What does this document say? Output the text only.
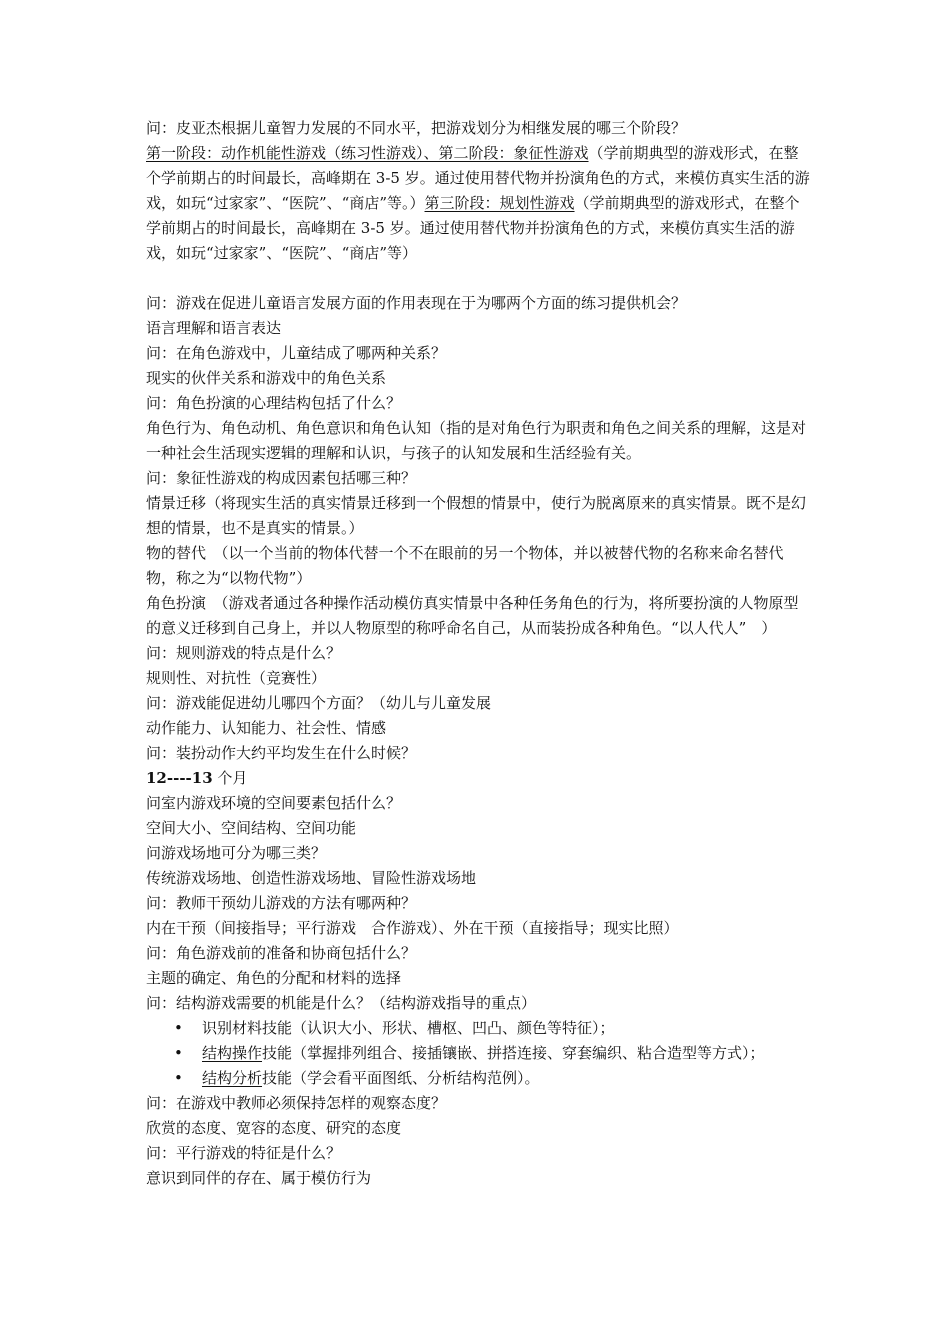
问：皮亚杰根据儿童智力发展的不同水平，把游戏划分为相继发展的哪三个阶段？

第一阶段：动作机能性游戏（练习性游戏）、第二阶段：象征性游戏（学前期典型的游戏形式，在整个学前期占的时间最长，高峰期在 3-5 岁。通过使用替代物并扮演角色的方式，来模仿真实生活的游戏，如玩“过家家”、“医院”、“商店”等。）第三阶段：规划性游戏（学前期典型的游戏形式，在整个学前期占的时间最长，高峰期在 3-5 岁。通过使用替代物并扮演角色的方式，来模仿真实生活的游戏，如玩“过家家”、“医院”、“商店”等）

问：游戏在促进儿童语言发展方面的作用表现在于为哪两个方面的练习提供机会？

语言理解和语言表达

问：在角色游戏中，儿童结成了哪两种关系？

现实的伙伴关系和游戏中的角色关系

问：角色扮演的心理结构包括了什么？

角色行为、角色动机、角色意识和角色认知（指的是对角色行为职责和角色之间关系的理解，这是对一种社会生活现实逻辑的理解和认识，与孩子的认知发展和生活经验有关。

问：象征性游戏的构成因素包括哪三种？

情景迁移（将现实生活的真实情景迁移到一个假想的情景中，使行为脱离原来的真实情景。既不是幻想的情景，也不是真实的情景。）

物的替代　（以一个当前的物体代替一个不在眼前的另一个物体，并以被替代物的名称来命名替代物，称之为“以物代物”）

角色扮演　（游戏者通过各种操作活动模仿真实情景中各种任务角色的行为，将所要扮演的人物原型的意义迁移到自己身上，并以人物原型的称呼命名自己，从而装扮成各种角色。“以人代人”　）

问：规则游戏的特点是什么？

规则性、对抗性（竞赛性）

问：游戏能促进幼儿哪四个方面？（幼儿与儿童发展

动作能力、认知能力、社会性、情感

问：装扮动作大约平均发生在什么时候？

12----13 个月

问室内游戏环境的空间要素包括什么？

空间大小、空间结构、空间功能

问游戏场地可分为哪三类？

传统游戏场地、创造性游戏场地、冒险性游戏场地

问：教师干预幼儿游戏的方法有哪两种？

内在干预（间接指导；平行游戏　合作游戏）、外在干预（直接指导；现实比照）

问：角色游戏前的准备和协商包括什么？

主题的确定、角色的分配和材料的选择

问：结构游戏需要的机能是什么？（结构游戏指导的重点）

• 识别材料技能（认识大小、形状、槽枢、凹凸、颜色等特征）；
• 结构操作技能（掌握排列组合、接插镶嵌、拼搭连接、穿套编织、粘合造型等方式）；
• 结构分析技能（学会看平面图纸、分析结构范例）。

问：在游戏中教师必须保持怎样的观察态度？

欣赏的态度、宽容的态度、研究的态度

问：平行游戏的特征是什么？

意识到同伴的存在、属于模仿行为
